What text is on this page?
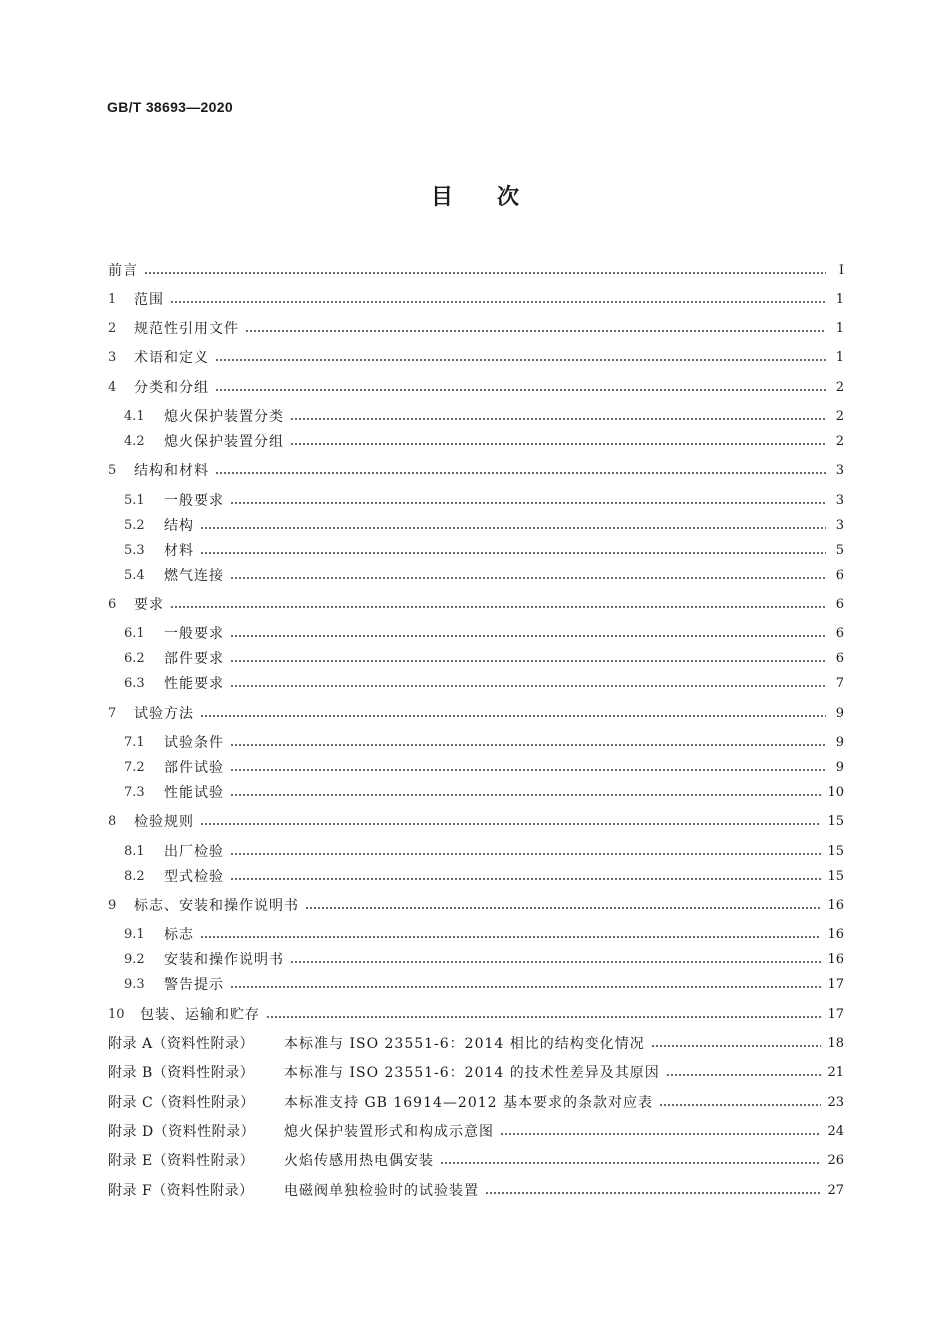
GB/T 38693—2020
目 次
前言	Ⅰ
1	范围	1
2	规范性引用文件	1
3	术语和定义	1
4	分类和分组	2
4.1	熄火保护装置分类	2
4.2	熄火保护装置分组	2
5	结构和材料	3
5.1	一般要求	3
5.2	结构	3
5.3	材料	5
5.4	燃气连接	6
6	要求	6
6.1	一般要求	6
6.2	部件要求	6
6.3	性能要求	7
7	试验方法	9
7.1	试验条件	9
7.2	部件试验	9
7.3	性能试验	10
8	检验规则	15
8.1	出厂检验	15
8.2	型式检验	15
9	标志、安装和操作说明书	16
9.1	标志	16
9.2	安装和操作说明书	16
9.3	警告提示	17
10	包装、运输和贮存	17
附录 A（资料性附录）	本标准与 ISO 23551-6：2014 相比的结构变化情况	18
附录 B（资料性附录）	本标准与 ISO 23551-6：2014 的技术性差异及其原因	21
附录 C（资料性附录）	本标准支持 GB 16914—2012 基本要求的条款对应表	23
附录 D（资料性附录）	熄火保护装置形式和构成示意图	24
附录 E（资料性附录）	火焰传感用热电偶安装	26
附录 F（资料性附录）	电磁阀单独检验时的试验装置	27
